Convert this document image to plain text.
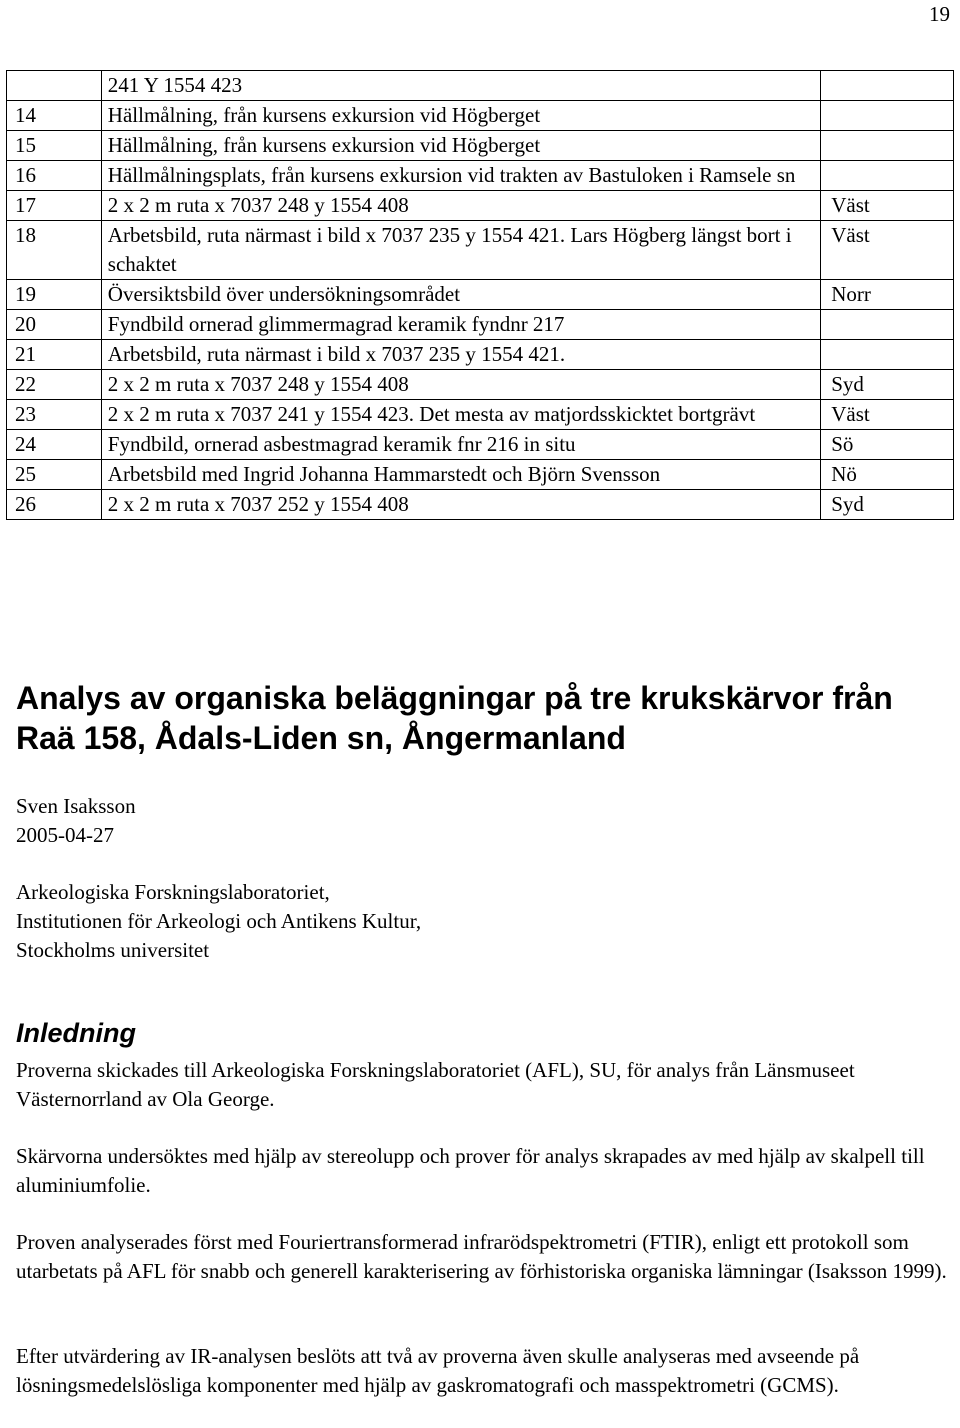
19
	241 Y 1554 423	
14	Hällmålning, från kursens exkursion vid Högberget	
15	Hällmålning, från kursens exkursion vid Högberget	
16	Hällmålningsplats, från kursens exkursion vid trakten av Bastuloken i Ramsele sn	
17	2 x 2 m ruta x 7037 248 y 1554 408	Väst
18	Arbetsbild, ruta närmast i bild x 7037 235 y 1554 421. Lars Högberg längst bort i schaktet	Väst
19	Översiktsbild över undersökningsområdet	Norr
20	Fyndbild ornerad glimmermagrad keramik fyndnr 217	
21	Arbetsbild, ruta närmast i bild x 7037 235 y 1554 421.	
22	2 x 2 m ruta x 7037 248 y 1554 408	Syd
23	2 x 2 m ruta x 7037 241 y 1554 423. Det mesta av matjordsskicktet bortgrävt	Väst
24	Fyndbild, ornerad asbestmagrad keramik fnr 216 in situ	Sö
25	Arbetsbild med Ingrid Johanna Hammarstedt och Björn Svensson	Nö
26	2 x 2 m ruta x 7037 252 y 1554 408	Syd
Analys av organiska beläggningar på tre krukskärvor från Raä 158, Ådals-Liden sn, Ångermanland

Sven Isaksson

2005-04-27

Arkeologiska Forskningslaboratoriet,
Institutionen för Arkeologi och Antikens Kultur,
Stockholms universitet

Inledning

Proverna skickades till Arkeologiska Forskningslaboratoriet (AFL), SU, för analys från Länsmuseet Västernorrland av Ola George.

Skärvorna undersöktes med hjälp av stereolupp och prover för analys skrapades av med hjälp av skalpell till aluminiumfolie.

Proven analyserades först med Fouriertransformerad infrarödspektrometri (FTIR), enligt ett protokoll som utarbetats på AFL för snabb och generell karakterisering av förhistoriska organiska lämningar (Isaksson 1999).

Efter utvärdering av IR-analysen beslöts att två av proverna även skulle analyseras med avseende på lösningsmedelslösliga komponenter med hjälp av gaskromatografi och masspektrometri (GCMS).
